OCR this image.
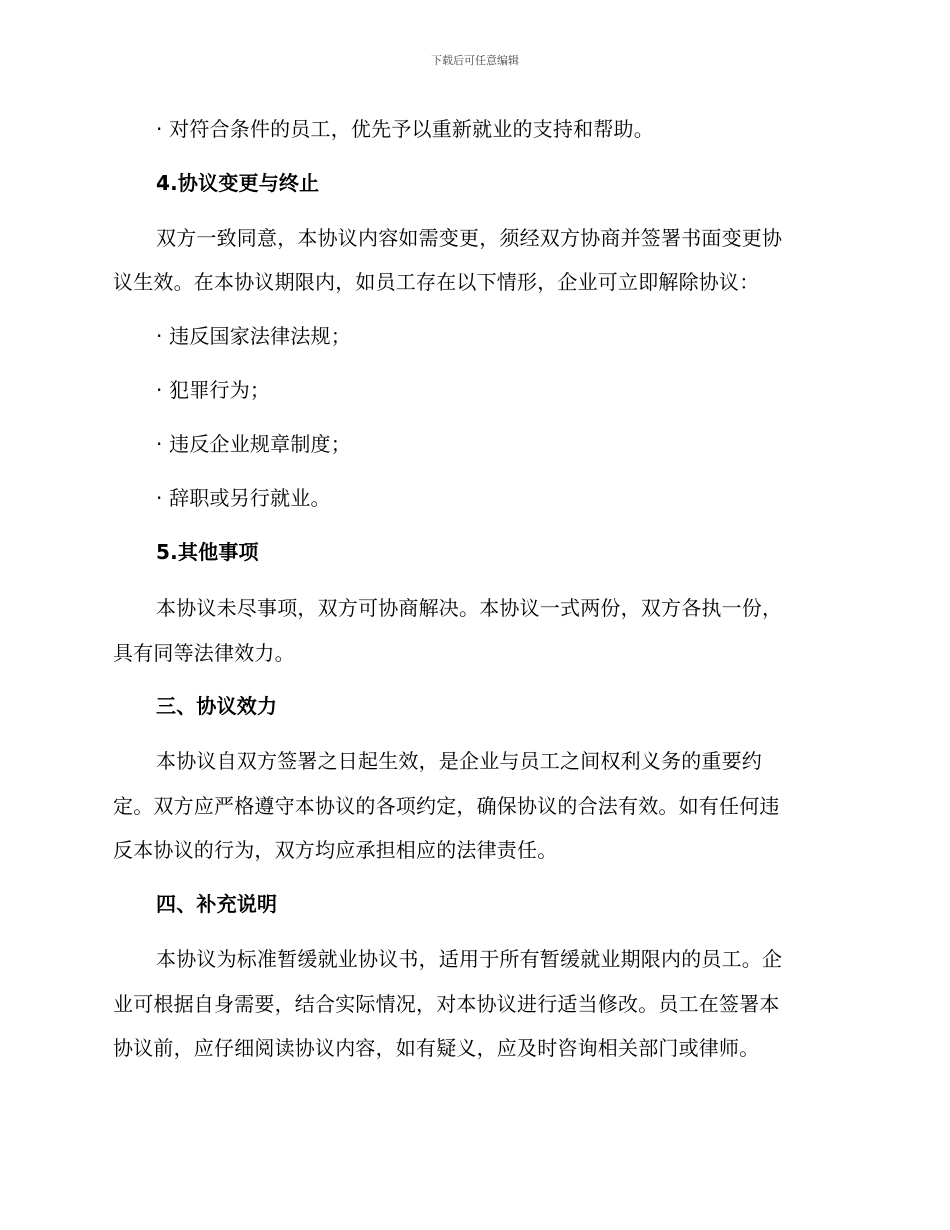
下载后可任意编辑
· 对符合条件的员工，优先予以重新就业的支持和帮助。
4.协议变更与终止
双方一致同意，本协议内容如需变更，须经双方协商并签署书面变更协
议生效。在本协议期限内，如员工存在以下情形，企业可立即解除协议：
· 违反国家法律法规；
· 犯罪行为；
· 违反企业规章制度；
· 辞职或另行就业。
5.其他事项
本协议未尽事项，双方可协商解决。本协议一式两份，双方各执一份，
具有同等法律效力。
三、协议效力
本协议自双方签署之日起生效，是企业与员工之间权利义务的重要约
定。双方应严格遵守本协议的各项约定，确保协议的合法有效。如有任何违
反本协议的行为，双方均应承担相应的法律责任。
四、补充说明
本协议为标准暂缓就业协议书，适用于所有暂缓就业期限内的员工。企
业可根据自身需要，结合实际情况，对本协议进行适当修改。员工在签署本
协议前，应仔细阅读协议内容，如有疑义，应及时咨询相关部门或律师。
